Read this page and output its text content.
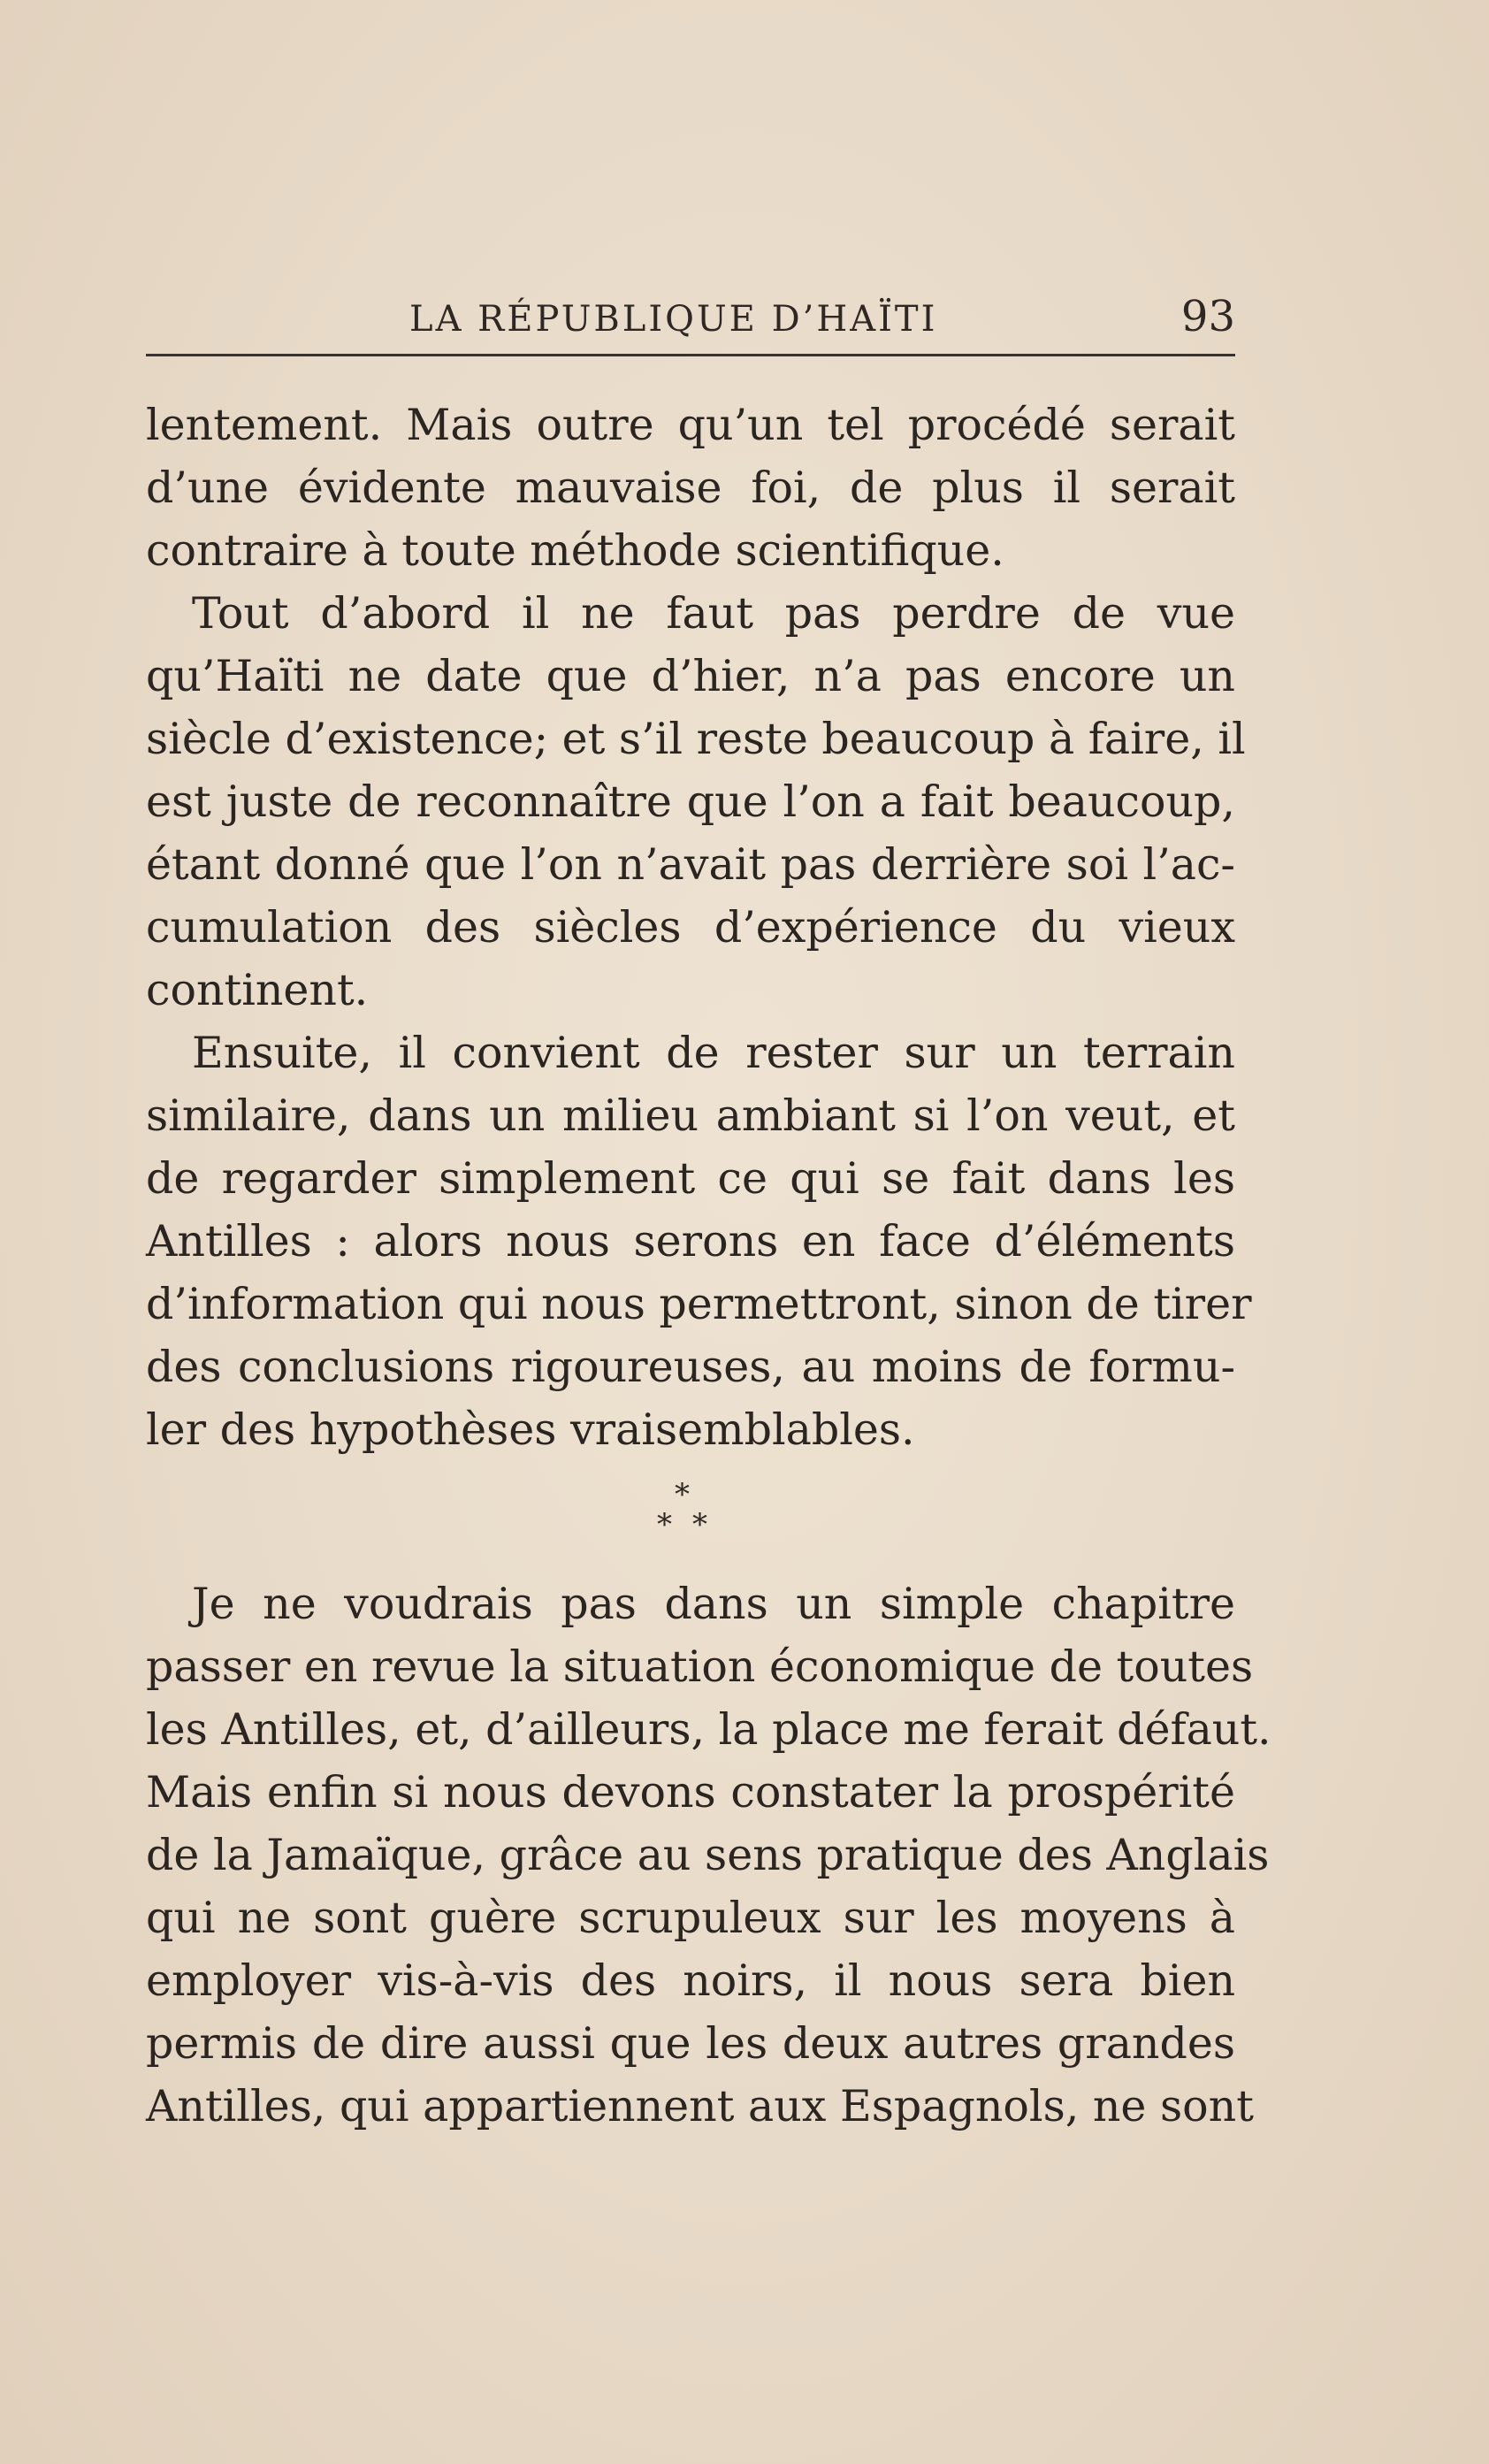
LA RÉPUBLIQUE D’HAÏTI	93
lentement. Mais outre qu’un tel procédé serait
d’une évidente mauvaise foi, de plus il serait
contraire à toute méthode scientifique.
Tout d’abord il ne faut pas perdre de vue
qu’Haïti ne date que d’hier, n’a pas encore un
siècle d’existence; et s’il reste beaucoup à faire, il
est juste de reconnaître que l’on a fait beaucoup,
étant donné que l’on n’avait pas derrière soi l’ac-
cumulation des siècles d’expérience du vieux
continent.
Ensuite, il convient de rester sur un terrain
similaire, dans un milieu ambiant si l’on veut, et
de regarder simplement ce qui se fait dans les
Antilles : alors nous serons en face d’éléments
d’information qui nous permettront, sinon de tirer
des conclusions rigoureuses, au moins de formu-
ler des hypothèses vraisemblables.
*
* *
Je ne voudrais pas dans un simple chapitre
passer en revue la situation économique de toutes
les Antilles, et, d’ailleurs, la place me ferait défaut.
Mais enfin si nous devons constater la prospérité
de la Jamaïque, grâce au sens pratique des Anglais
qui ne sont guère scrupuleux sur les moyens à
employer vis-à-vis des noirs, il nous sera bien
permis de dire aussi que les deux autres grandes
Antilles, qui appartiennent aux Espagnols, ne sont
